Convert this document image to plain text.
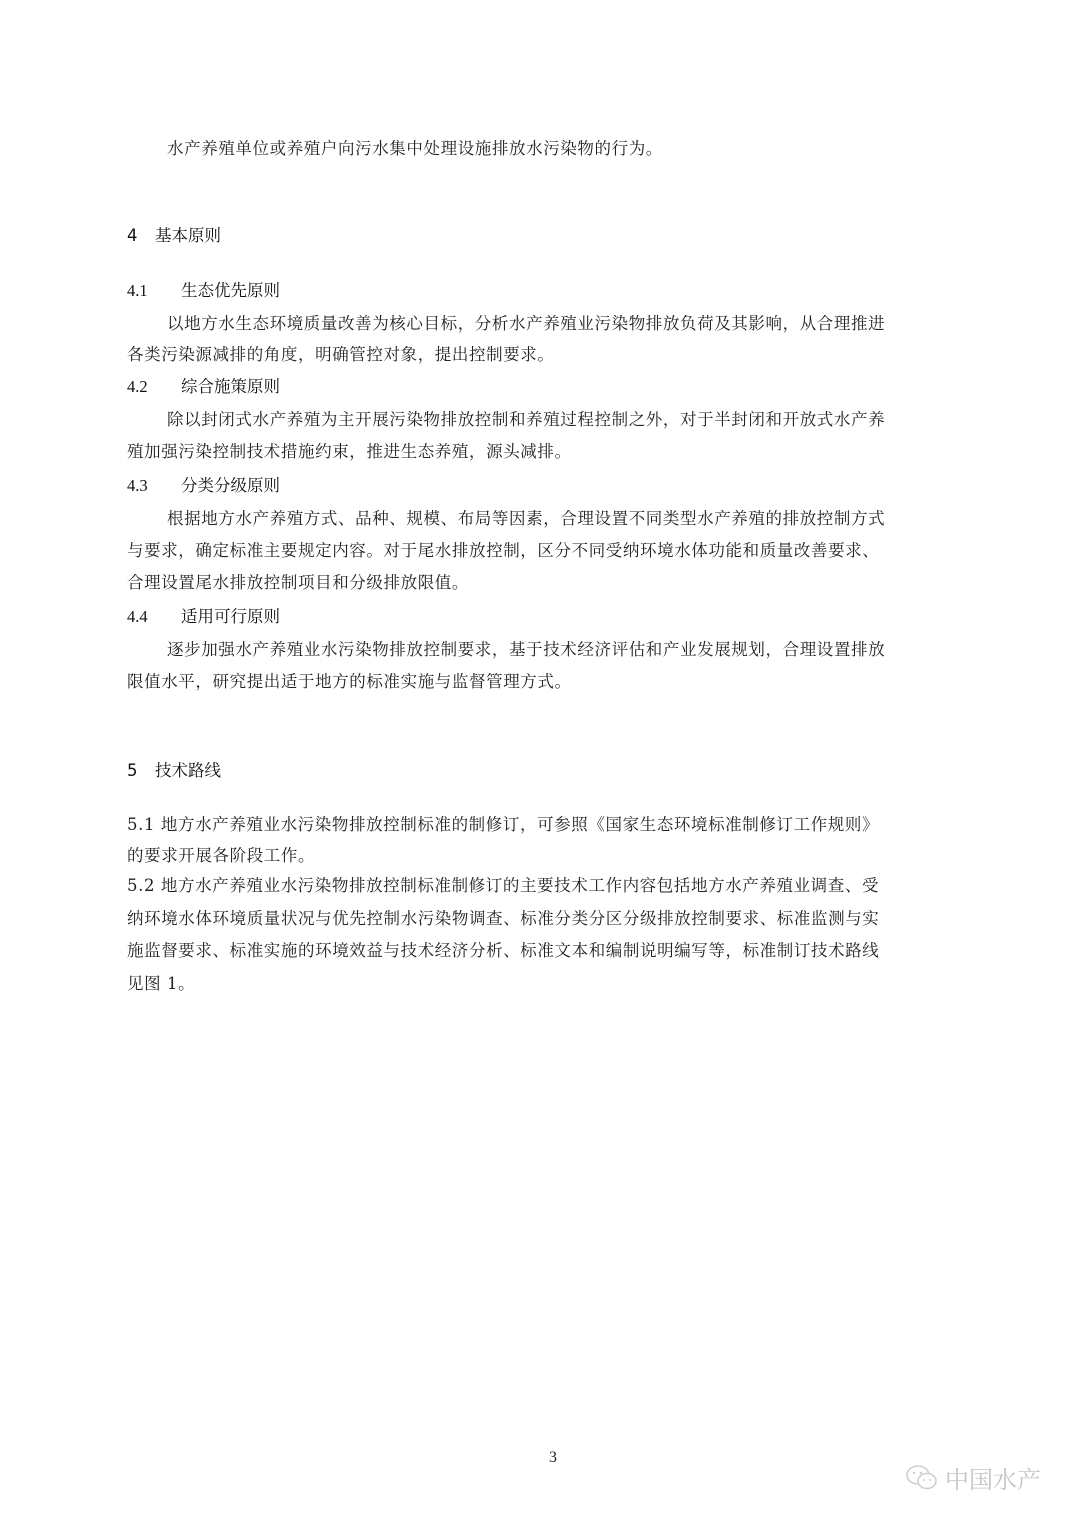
水产养殖单位或养殖户向污水集中处理设施排放水污染物的行为。
4 基本原则
4.1 生态优先原则
以地方水生态环境质量改善为核心目标，分析水产养殖业污染物排放负荷及其影响，从合理推进
各类污染源减排的角度，明确管控对象，提出控制要求。
4.2 综合施策原则
除以封闭式水产养殖为主开展污染物排放控制和养殖过程控制之外，对于半封闭和开放式水产养
殖加强污染控制技术措施约束，推进生态养殖，源头减排。
4.3 分类分级原则
根据地方水产养殖方式、品种、规模、布局等因素，合理设置不同类型水产养殖的排放控制方式
与要求，确定标准主要规定内容。对于尾水排放控制，区分不同受纳环境水体功能和质量改善要求、
合理设置尾水排放控制项目和分级排放限值。
4.4 适用可行原则
逐步加强水产养殖业水污染物排放控制要求，基于技术经济评估和产业发展规划，合理设置排放
限值水平，研究提出适于地方的标准实施与监督管理方式。
5 技术路线
5.1 地方水产养殖业水污染物排放控制标准的制修订，可参照《国家生态环境标准制修订工作规则》
的要求开展各阶段工作。
5.2 地方水产养殖业水污染物排放控制标准制修订的主要技术工作内容包括地方水产养殖业调查、受
纳环境水体环境质量状况与优先控制水污染物调查、标准分类分区分级排放控制要求、标准监测与实
施监督要求、标准实施的环境效益与技术经济分析、标准文本和编制说明编写等，标准制订技术路线
见图 1。
3
中国水产
